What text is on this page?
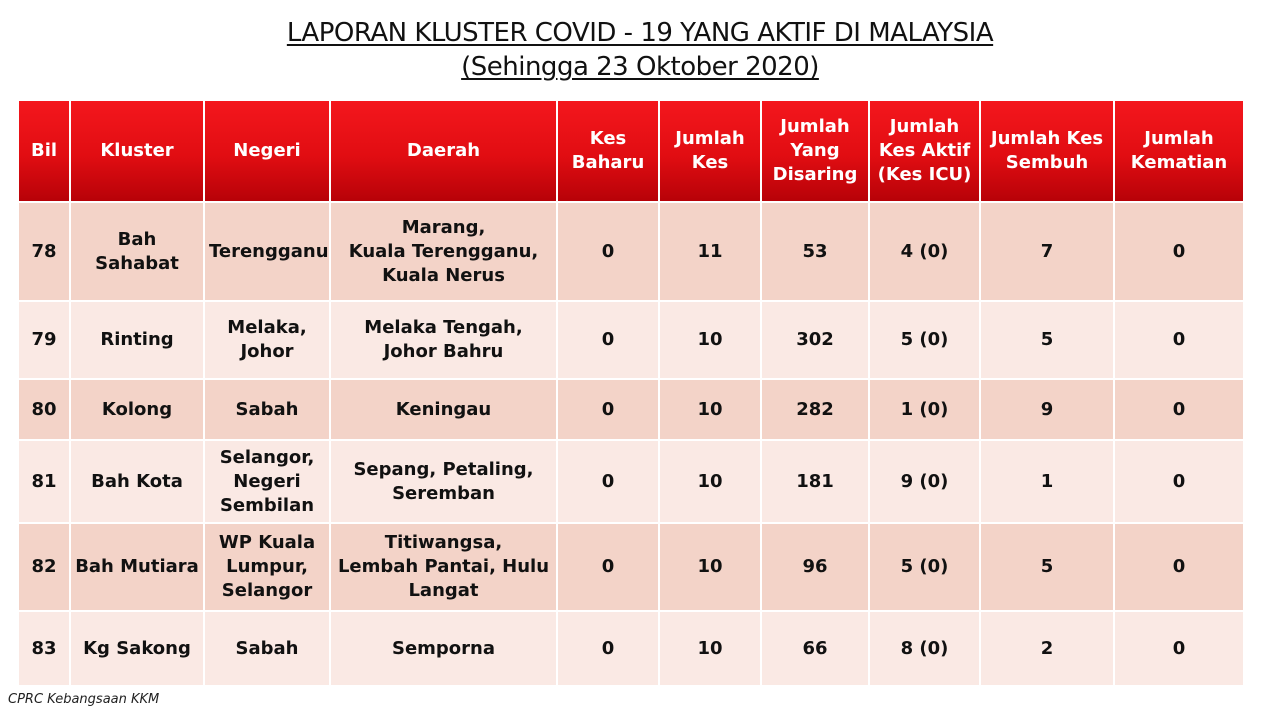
LAPORAN KLUSTER COVID - 19 YANG AKTIF DI MALAYSIA
(Sehingga 23 Oktober 2020)
Bil	Kluster	Negeri	Daerah	Kes Baharu	Jumlah Kes	Jumlah Yang Disaring	Jumlah Kes Aktif (Kes ICU)	Jumlah Kes Sembuh	Jumlah Kematian
78	Bah Sahabat	Terengganu	Marang,
Kuala Terengganu,
Kuala Nerus	0	11	53	4 (0)	7	0
79	Rinting	Melaka,
Johor	Melaka Tengah,
Johor Bahru	0	10	302	5 (0)	5	0
80	Kolong	Sabah	Keningau	0	10	282	1 (0)	9	0
81	Bah Kota	Selangor,
Negeri
Sembilan	Sepang, Petaling,
Seremban	0	10	181	9 (0)	1	0
82	Bah Mutiara	WP Kuala
Lumpur,
Selangor	Titiwangsa,
Lembah Pantai, Hulu
Langat	0	10	96	5 (0)	5	0
83	Kg Sakong	Sabah	Semporna	0	10	66	8 (0)	2	0
CPRC Kebangsaan KKM
